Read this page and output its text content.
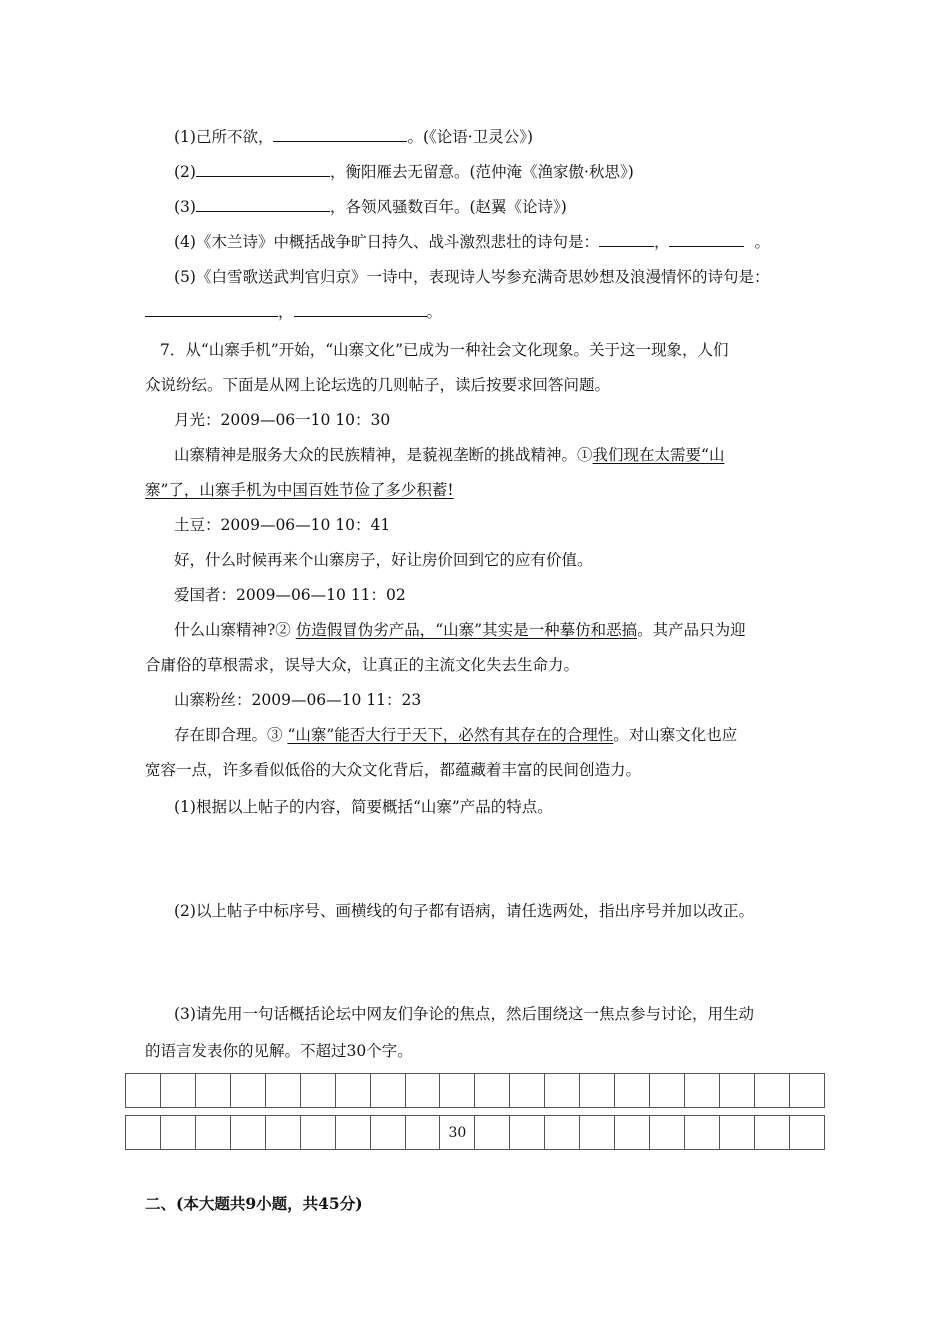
(1)己所不欲，	。(《论语·卫灵公》)
(2)	，衡阳雁去无留意。(范仲淹《渔家傲·秋思》)
(3)	，各领风骚数百年。(赵翼《论诗》)
(4)《木兰诗》中概括战争旷日持久、战斗激烈悲壮的诗句是：	，	。
(5)《白雪歌送武判官归京》一诗中，表现诗人岑参充满奇思妙想及浪漫情怀的诗句是：
，	。
7．从“山寨手机”开始，“山寨文化”已成为一种社会文化现象。关于这一现象，人们
众说纷纭。下面是从网上论坛选的几则帖子，读后按要求回答问题。
月光：2009—06一10 10：30
山寨精神是服务大众的民族精神，是藐视垄断的挑战精神。①我们现在太需要“山
寨”了，山寨手机为中国百姓节俭了多少积蓄!
土豆：2009—06—10 10：41
好，什么时候再来个山寨房子，好让房价回到它的应有价值。
爱国者：2009—06—10 11：02
什么山寨精神?② 仿造假冒伪劣产品，“山寨”其实是一种摹仿和恶搞。其产品只为迎
合庸俗的草根需求，误导大众，让真正的主流文化失去生命力。
山寨粉丝：2009—06—10 11：23
存在即合理。③ “山寨”能否大行于天下，必然有其存在的合理性。对山寨文化也应
宽容一点，许多看似低俗的大众文化背后，都蕴藏着丰富的民间创造力。
(1)根据以上帖子的内容，简要概括“山寨”产品的特点。
(2)以上帖子中标序号、画横线的句子都有语病，请任选两处，指出序号并加以改正。
(3)请先用一句话概括论坛中网友们争论的焦点，然后围绕这一焦点参与讨论，用生动
的语言发表你的见解。不超过30个字。

									30										
二、(本大题共9小题，共45分)
